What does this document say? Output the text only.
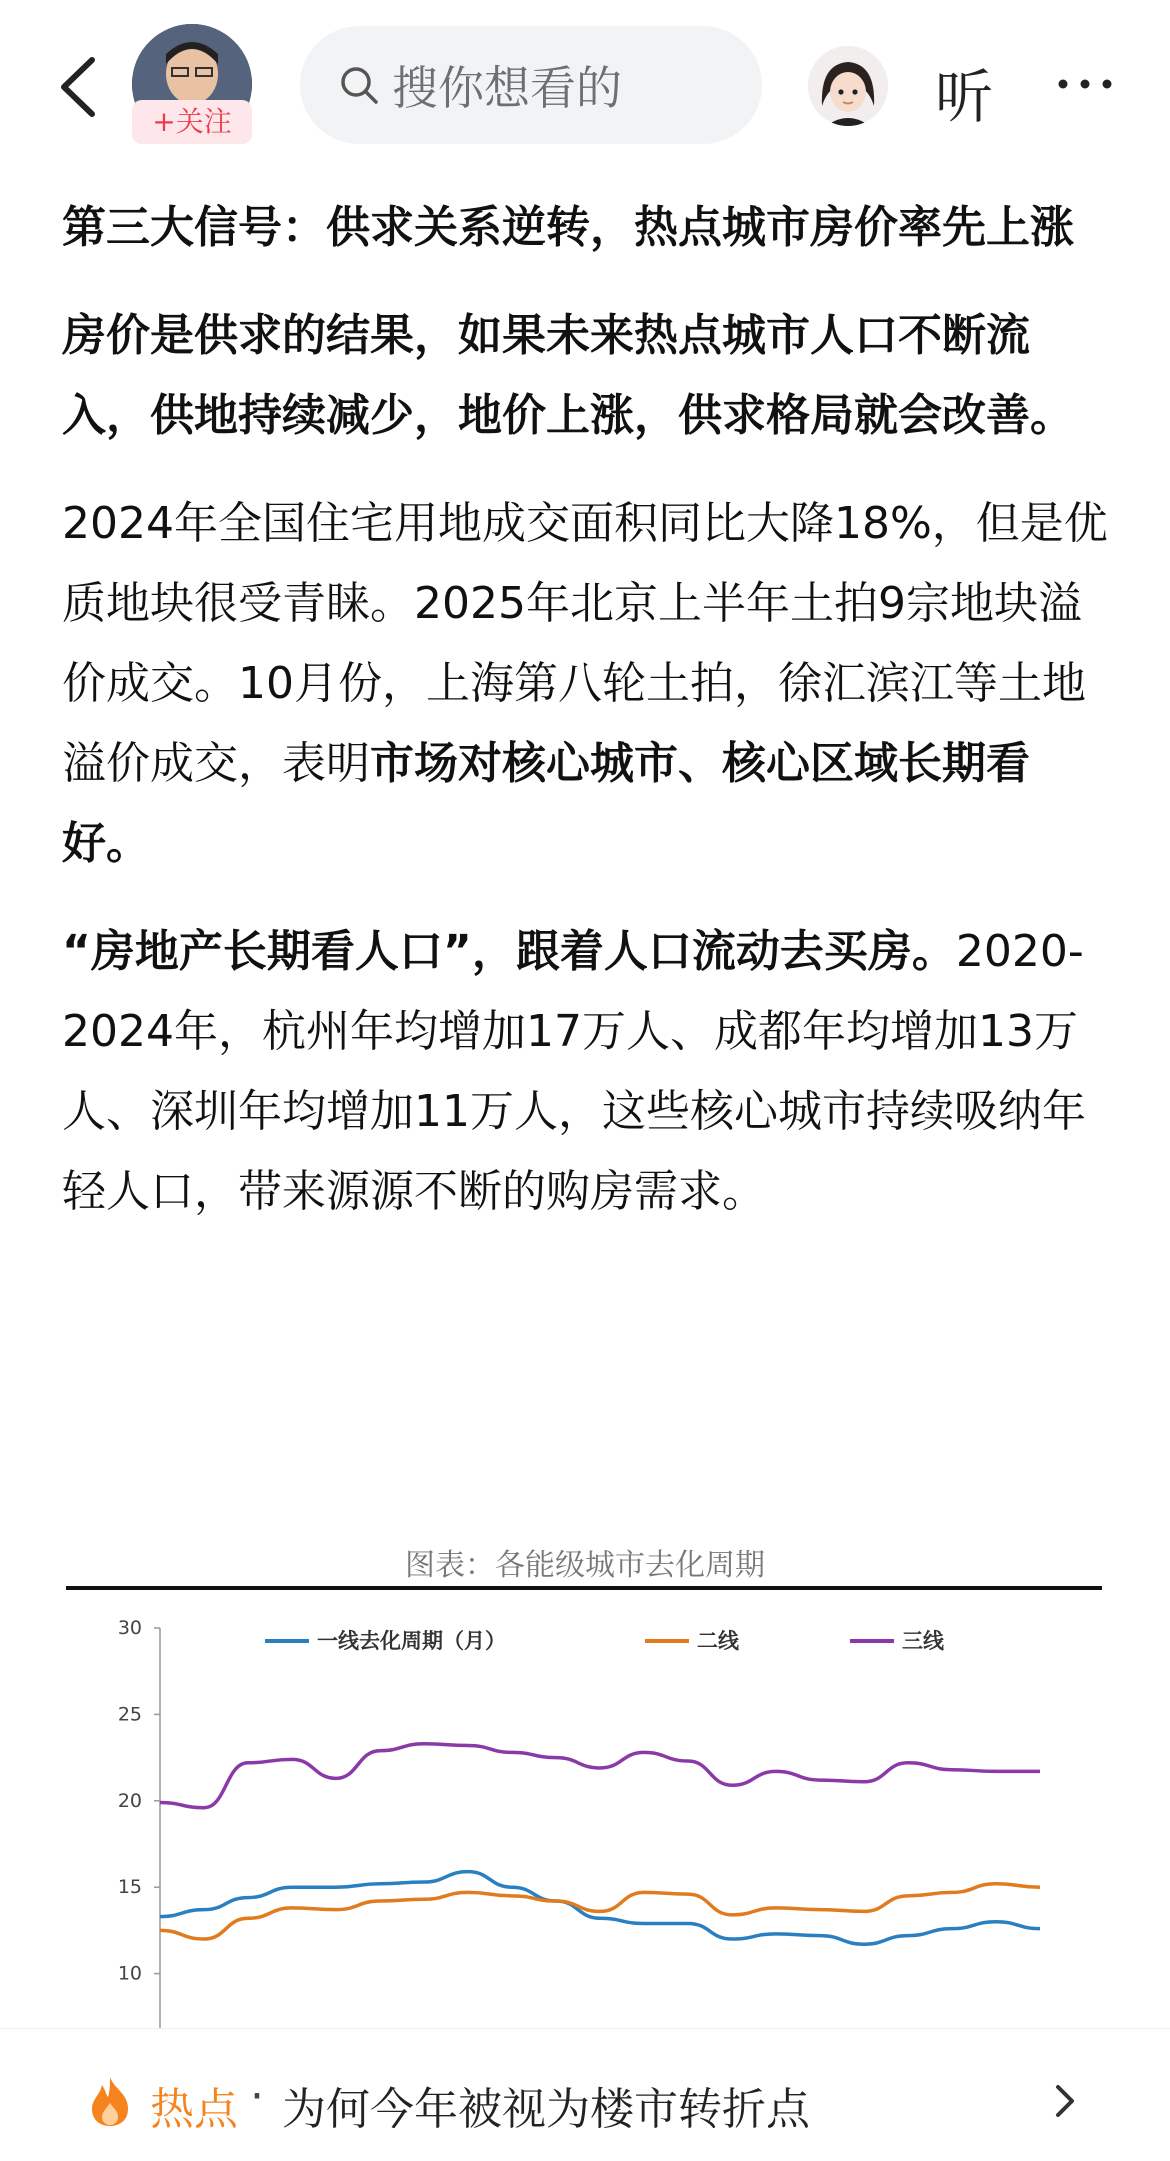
+关注
搜你想看的	听

第三大信号：供求关系逆转，热点城市房价率先上涨

房价是供求的结果，如果未来热点城市人口不断流入，供地持续减少，地价上涨，供求格局就会改善。

2024年全国住宅用地成交面积同比大降18%，但是优质地块很受青睐。2025年北京上半年土拍9宗地块溢价成交。10月份，上海第八轮土拍，徐汇滨江等土地溢价成交，表明市场对核心城市、核心区域长期看好。

“房地产长期看人口”，跟着人口流动去买房。2020-2024年，杭州年均增加17万人、成都年均增加13万人、深圳年均增加11万人，这些核心城市持续吸纳年轻人口，带来源源不断的购房需求。

图表：各能级城市去化周期
10
15
20
25
30
一线去化周期（月）	二线	三线
热点 · 为何今年被视为楼市转折点
